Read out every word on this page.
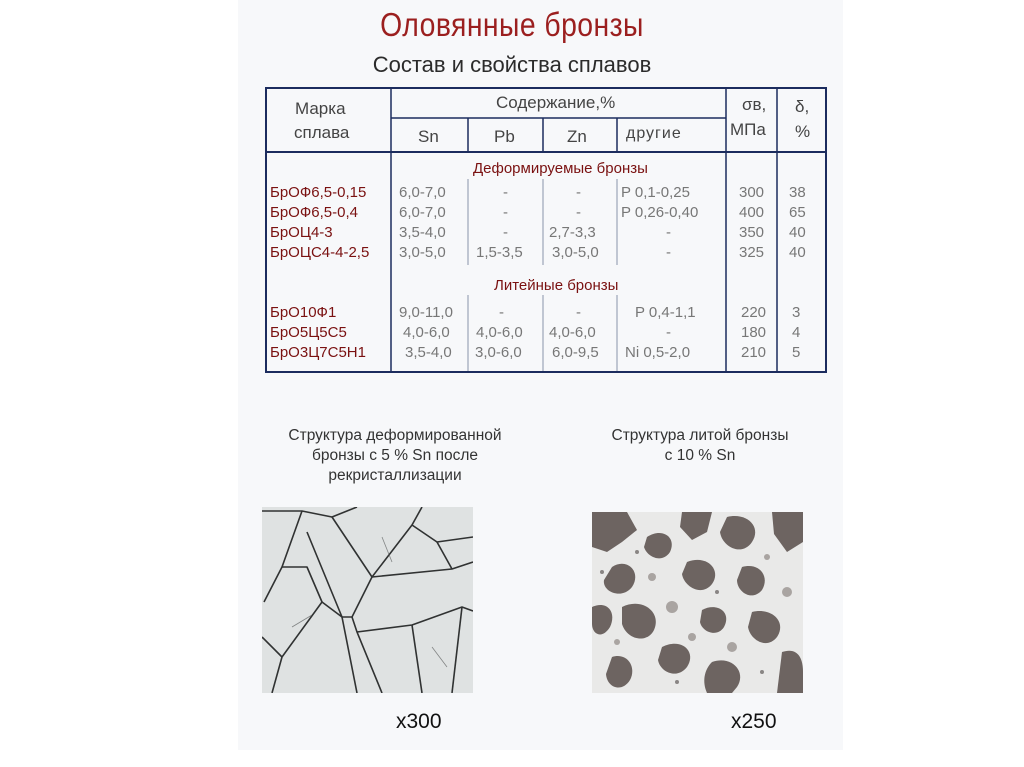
Оловянные бронзы
Состав и свойства сплавов
Марка
сплава
Содержание,%
Sn	Pb	Zn другие
σв,
МПа
δ,
%
Деформируемые бронзы
БрОФ6,5-0,15 6,0-7,0	-	-	P 0,1-0,25	300 38
БрОФ6,5-0,4	6,0-7,0	-	-	P 0,26-0,40	400 65
БрОЦ4-3	3,5-4,0	-	2,7-3,3	-	350 40
БрОЦС4-4-2,5 3,0-5,0 1,5-3,5 3,0-5,0	-	325 40
Литейные бронзы
БрО10Ф1	9,0-11,0	-	-	P 0,4-1,1	220 3
БрО5Ц5С5	4,0-6,0 4,0-6,0 4,0-6,0	-	180 4
БрО3Ц7С5Н1	3,5-4,0 3,0-6,0 6,0-9,5 Ni 0,5-2,0	210 5
Структура деформированной
бронзы с 5 % Sn после
рекристаллизации
Структура литой бронзы
с 10 % Sn
x300	x250
